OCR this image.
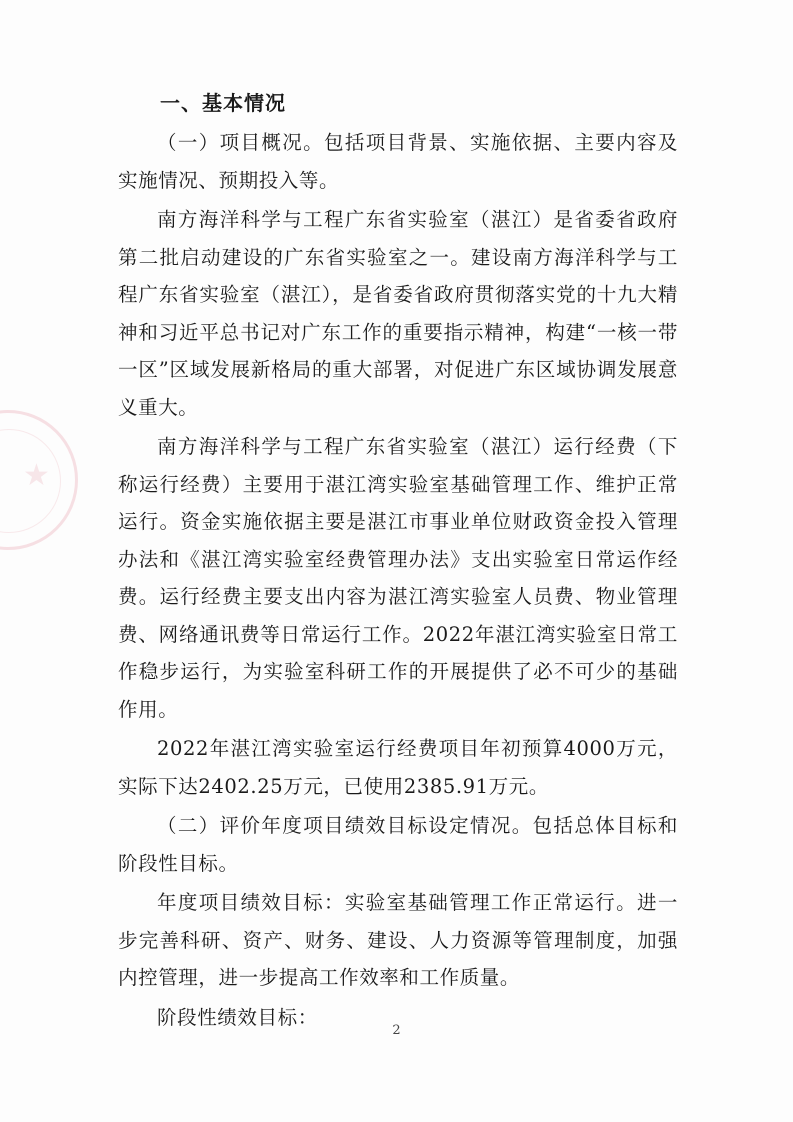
★
一、基本情况

（一）项目概况。包括项目背景、实施依据、主要内容及实施情况、预期投入等。

南方海洋科学与工程广东省实验室（湛江）是省委省政府第二批启动建设的广东省实验室之一。建设南方海洋科学与工程广东省实验室（湛江），是省委省政府贯彻落实党的十九大精神和习近平总书记对广东工作的重要指示精神，构建“一核一带一区”区域发展新格局的重大部署，对促进广东区域协调发展意义重大。

南方海洋科学与工程广东省实验室（湛江）运行经费（下称运行经费）主要用于湛江湾实验室基础管理工作、维护正常运行。资金实施依据主要是湛江市事业单位财政资金投入管理办法和《湛江湾实验室经费管理办法》支出实验室日常运作经费。运行经费主要支出内容为湛江湾实验室人员费、物业管理费、网络通讯费等日常运行工作。2022年湛江湾实验室日常工作稳步运行，为实验室科研工作的开展提供了必不可少的基础作用。

2022年湛江湾实验室运行经费项目年初预算4000万元，实际下达2402.25万元，已使用2385.91万元。

（二）评价年度项目绩效目标设定情况。包括总体目标和阶段性目标。

年度项目绩效目标：实验室基础管理工作正常运行。进一步完善科研、资产、财务、建设、人力资源等管理制度，加强内控管理，进一步提高工作效率和工作质量。

阶段性绩效目标：

2
